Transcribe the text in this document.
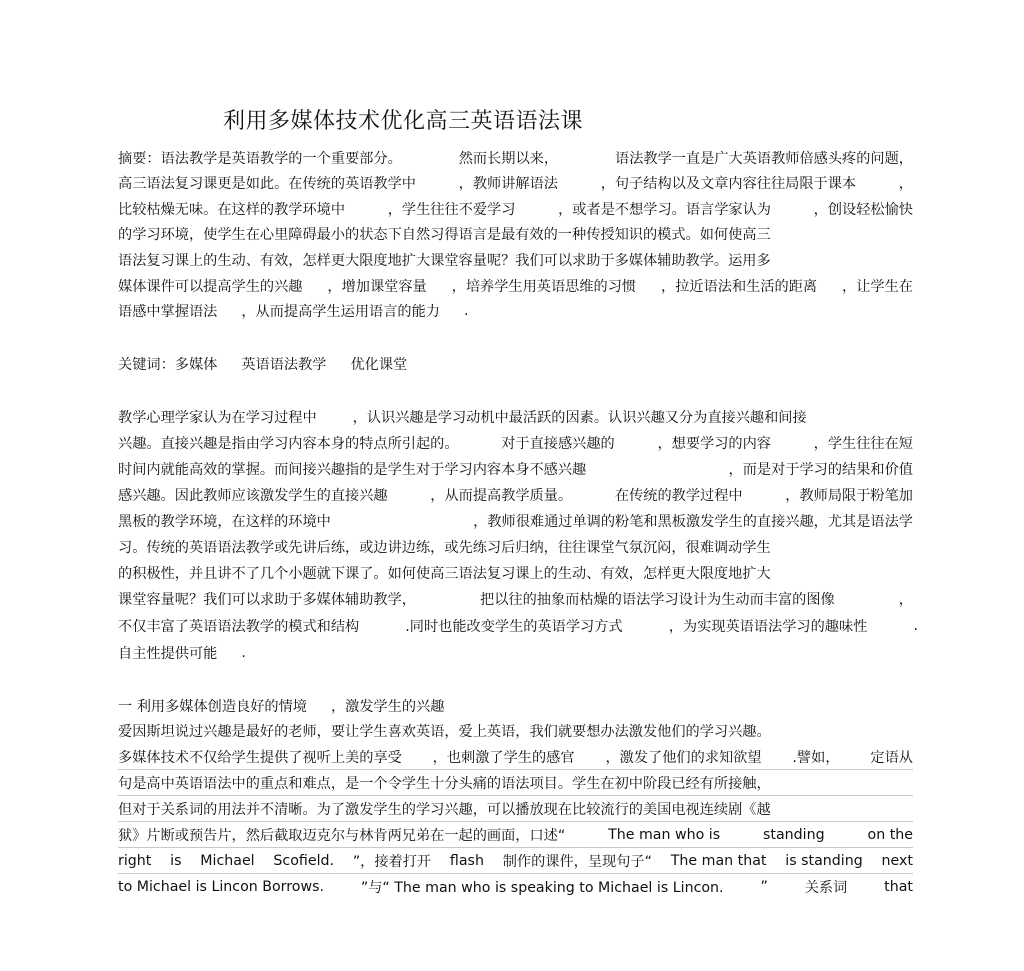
利用多媒体技术优化高三英语语法课
摘要：语法教学是英语教学的一个重要部分。	然而长期以来，	语法教学一直是广大英语教师倍感头疼的问题，
高三语法复习课更是如此。在传统的英语教学中	，教师讲解语法	，句子结构以及文章内容往往局限于课本	，
比较枯燥无味。在这样的教学环境中	，学生往往不爱学习	，或者是不想学习。语言学家认为	，创设轻松愉快
的学习环境，使学生在心里障碍最小的状态下自然习得语言是最有效的一种传授知识的模式。如何使高三
语法复习课上的生动、有效，怎样更大限度地扩大课堂容量呢？我们可以求助于多媒体辅助教学。运用多
媒体课件可以提高学生的兴趣 ，增加课堂容量 ，培养学生用英语思维的习惯 ，拉近语法和生活的距离 ，让学生在
语感中掌握语法 ，从而提高学生运用语言的能力 .
关键词：多媒体 英语语法教学 优化课堂
教学心理学家认为在学习过程中	，认识兴趣是学习动机中最活跃的因素。认识兴趣又分为直接兴趣和间接
兴趣。直接兴趣是指由学习内容本身的特点所引起的。	对于直接感兴趣的	，想要学习的内容	，学生往往在短
时间内就能高效的掌握。而间接兴趣指的是学生对于学习内容本身不感兴趣	，而是对于学习的结果和价值
感兴趣。因此教师应该激发学生的直接兴趣	，从而提高教学质量。	在传统的教学过程中	，教师局限于粉笔加
黑板的教学环境，在这样的环境中	，教师很难通过单调的粉笔和黑板激发学生的直接兴趣，尤其是语法学
习。传统的英语语法教学或先讲后练，或边讲边练，或先练习后归纳，往往课堂气氛沉闷，很难调动学生
的积极性，并且讲不了几个小题就下课了。如何使高三语法复习课上的生动、有效，怎样更大限度地扩大
课堂容量呢？我们可以求助于多媒体辅助教学，	把以往的抽象而枯燥的语法学习设计为生动而丰富的图像	，
不仅丰富了英语语法教学的模式和结构	.同时也能改变学生的英语学习方式	，为实现英语语法学习的趣味性	.
自主性提供可能 .
一 利用多媒体创造良好的情境 ，激发学生的兴趣
爱因斯坦说过兴趣是最好的老师，要让学生喜欢英语，爱上英语，我们就要想办法激发他们的学习兴趣。
多媒体技术不仅给学生提供了视听上美的享受 ，也刺激了学生的感官 ，激发了他们的求知欲望 .譬如， 定语从
句是高中英语语法中的重点和难点，是一个令学生十分头痛的语法项目。学生在初中阶段已经有所接触，
但对于关系词的用法并不清晰。为了激发学生的学习兴趣，可以播放现在比较流行的美国电视连续剧《越
狱》片断或预告片，然后截取迈克尔与林肯两兄弟在一起的画面，口述“	The man who is	standing	on the
right is Michael Scofield. ”，接着打开 flash 制作的课件，呈现句子“ The man that is standing next
to Michael is Lincon Borrows.	”与“ The man who is speaking to Michael is Lincon.	”	关系词	that
